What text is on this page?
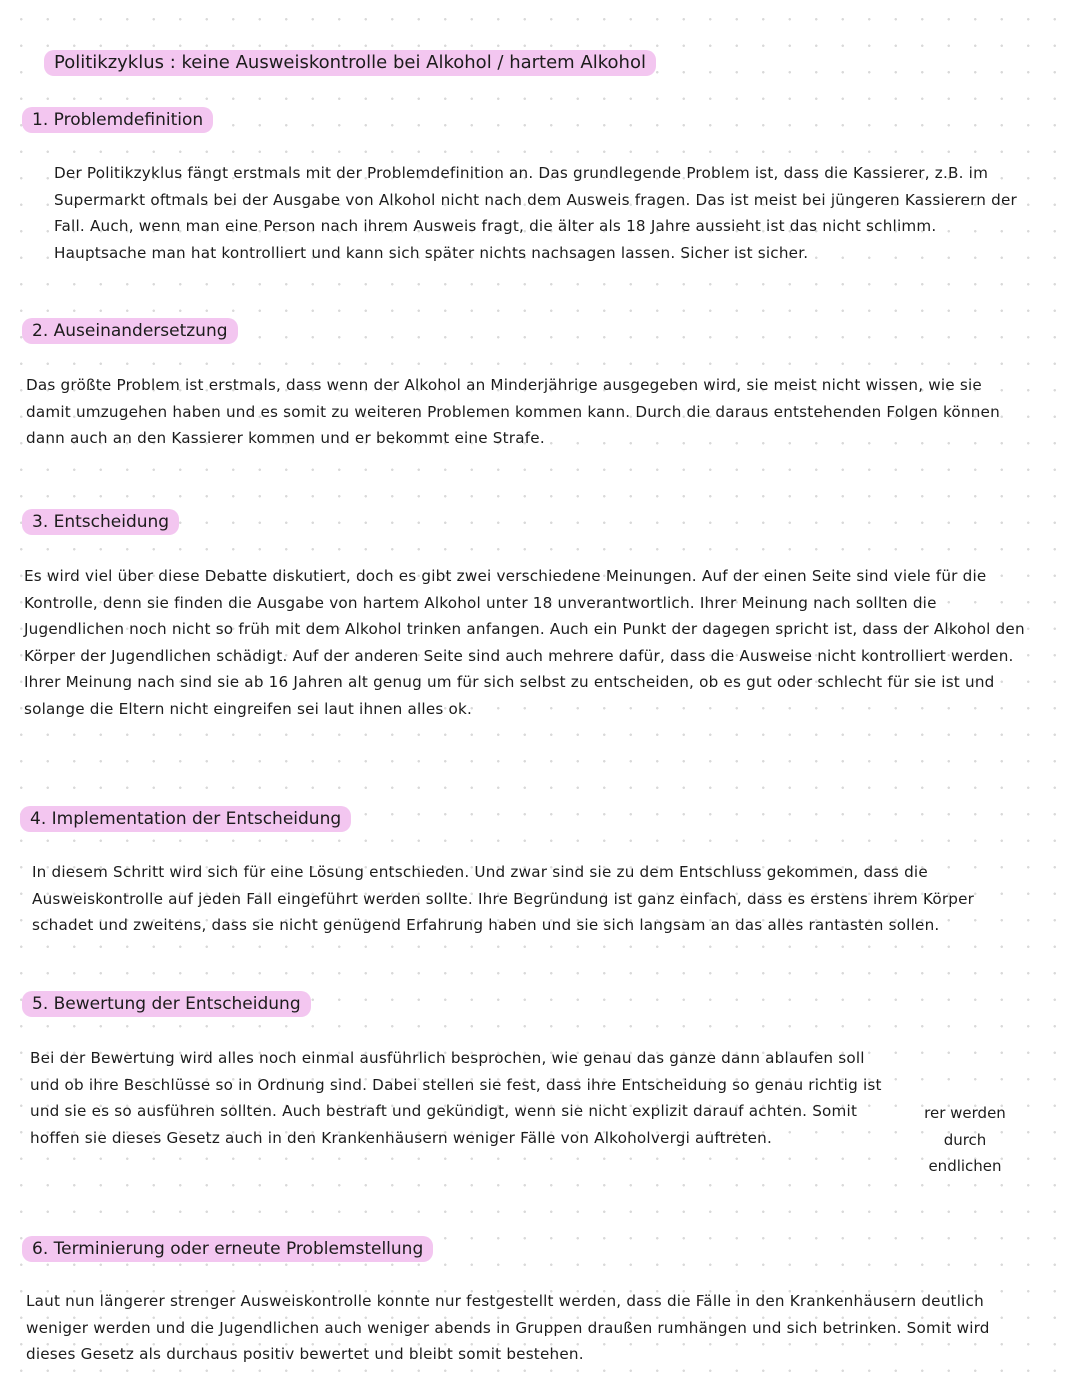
Politikzyklus : keine Ausweiskontrolle bei Alkohol / hartem Alkohol
1. Problemdefinition

Der Politikzyklus fängt erstmals mit der Problemdefinition an. Das grundlegende Problem ist, dass die Kassierer, z.B. im Supermarkt oftmals bei der Ausgabe von Alkohol nicht nach dem Ausweis fragen. Das ist meist bei jüngeren Kassierern der Fall. Auch, wenn man eine Person nach ihrem Ausweis fragt, die älter als 18 Jahre aussieht ist das nicht schlimm. Hauptsache man hat kontrolliert und kann sich später nichts nachsagen lassen. Sicher ist sicher.

2. Auseinandersetzung

Das größte Problem ist erstmals, dass wenn der Alkohol an Minderjährige ausgegeben wird, sie meist nicht wissen, wie sie damit umzugehen haben und es somit zu weiteren Problemen kommen kann. Durch die daraus entstehenden Folgen können dann auch an den Kassierer kommen und er bekommt eine Strafe.

3. Entscheidung

Es wird viel über diese Debatte diskutiert, doch es gibt zwei verschiedene Meinungen. Auf der einen Seite sind viele für die Kontrolle, denn sie finden die Ausgabe von hartem Alkohol unter 18 unverantwortlich. Ihrer Meinung nach sollten die Jugendlichen noch nicht so früh mit dem Alkohol trinken anfangen. Auch ein Punkt der dagegen spricht ist, dass der Alkohol den Körper der Jugendlichen schädigt. Auf der anderen Seite sind auch mehrere dafür, dass die Ausweise nicht kontrolliert werden. Ihrer Meinung nach sind sie ab 16 Jahren alt genug um für sich selbst zu entscheiden, ob es gut oder schlecht für sie ist und solange die Eltern nicht eingreifen sei laut ihnen alles ok.

4. Implementation der Entscheidung

In diesem Schritt wird sich für eine Lösung entschieden. Und zwar sind sie zu dem Entschluss gekommen, dass die Ausweiskontrolle auf jeden Fall eingeführt werden sollte. Ihre Begründung ist ganz einfach, dass es erstens ihrem Körper schadet und zweitens, dass sie nicht genügend Erfahrung haben und sie sich langsam an das alles rantasten sollen.

5. Bewertung der Entscheidung

Bei der Bewertung wird alles noch einmal ausführlich besprochen, wie genau das ganze dann ablaufen soll und ob ihre Beschlüsse so in Ordnung sind. Dabei stellen sie fest, dass ihre Entscheidung so genau richtig ist und sie es so ausführen sollten. Auch bestraft und gekündigt, wenn sie nicht explizit darauf achten. Somit hoffen sie dieses Gesetz auch in den Krankenhäusern weniger Fälle von Alkoholvergi auftreten.

rer werden
durch
endlichen
6. Terminierung oder erneute Problemstellung

Laut nun längerer strenger Ausweiskontrolle konnte nur festgestellt werden, dass die Fälle in den Krankenhäusern deutlich weniger werden und die Jugendlichen auch weniger abends in Gruppen draußen rumhängen und sich betrinken. Somit wird dieses Gesetz als durchaus positiv bewertet und bleibt somit bestehen.
